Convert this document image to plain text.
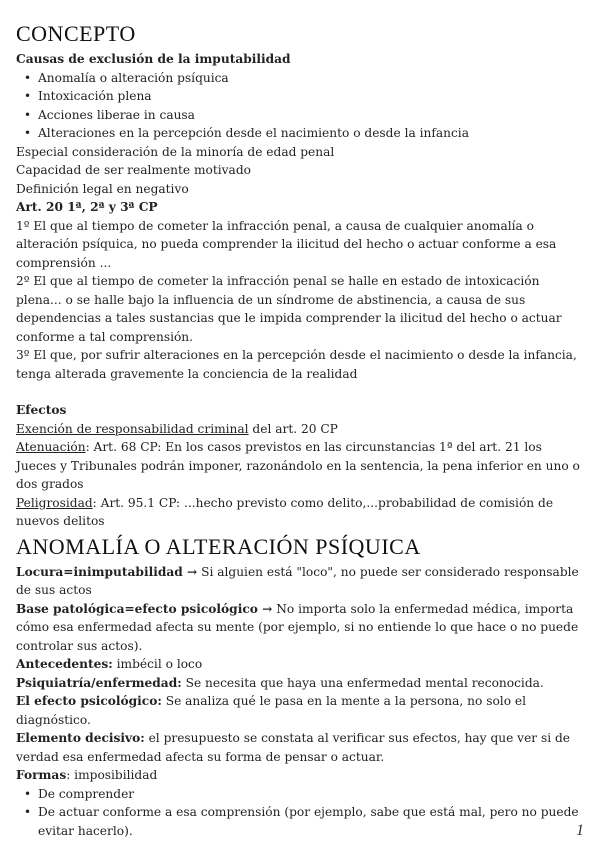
CONCEPTO

Causas de exclusión de la imputabilidad

• Anomalía o alteración psíquica
• Intoxicación plena
• Acciones liberae in causa
• Alteraciones en la percepción desde el nacimiento o desde la infancia

Especial consideración de la minoría de edad penal

Capacidad de ser realmente motivado

Definición legal en negativo

Art. 20 1ª, 2ª y 3ª CP

1º El que al tiempo de cometer la infracción penal, a causa de cualquier anomalía o alteración psíquica, no pueda comprender la ilicitud del hecho o actuar conforme a esa comprensión ...

2º El que al tiempo de cometer la infracción penal se halle en estado de intoxicación plena... o se halle bajo la influencia de un síndrome de abstinencia, a causa de sus dependencias a tales sustancias que le impida comprender la ilicitud del hecho o actuar conforme a tal comprensión.

3º El que, por sufrir alteraciones en la percepción desde el nacimiento o desde la infancia, tenga alterada gravemente la conciencia de la realidad

Efectos

Exención de responsabilidad criminal del art. 20 CP

Atenuación: Art. 68 CP: En los casos previstos en las circunstancias 1ª del art. 21 los Jueces y Tribunales podrán imponer, razonándolo en la sentencia, la pena inferior en uno o dos grados

Peligrosidad: Art. 95.1 CP: ...hecho previsto como delito,...probabilidad de comisión de nuevos delitos

ANOMALÍA O ALTERACIÓN PSÍQUICA

Locura=inimputabilidad → Si alguien está "loco", no puede ser considerado responsable de sus actos

Base patológica=efecto psicológico → No importa solo la enfermedad médica, importa cómo esa enfermedad afecta su mente (por ejemplo, si no entiende lo que hace o no puede controlar sus actos).

Antecedentes: imbécil o loco

Psiquiatría/enfermedad: Se necesita que haya una enfermedad mental reconocida.

El efecto psicológico: Se analiza qué le pasa en la mente a la persona, no solo el diagnóstico.

Elemento decisivo: el presupuesto se constata al verificar sus efectos, hay que ver si de verdad esa enfermedad afecta su forma de pensar o actuar.

Formas: imposibilidad

• De comprender
• De actuar conforme a esa comprensión (por ejemplo, sabe que está mal, pero no puede evitar hacerlo).	1
